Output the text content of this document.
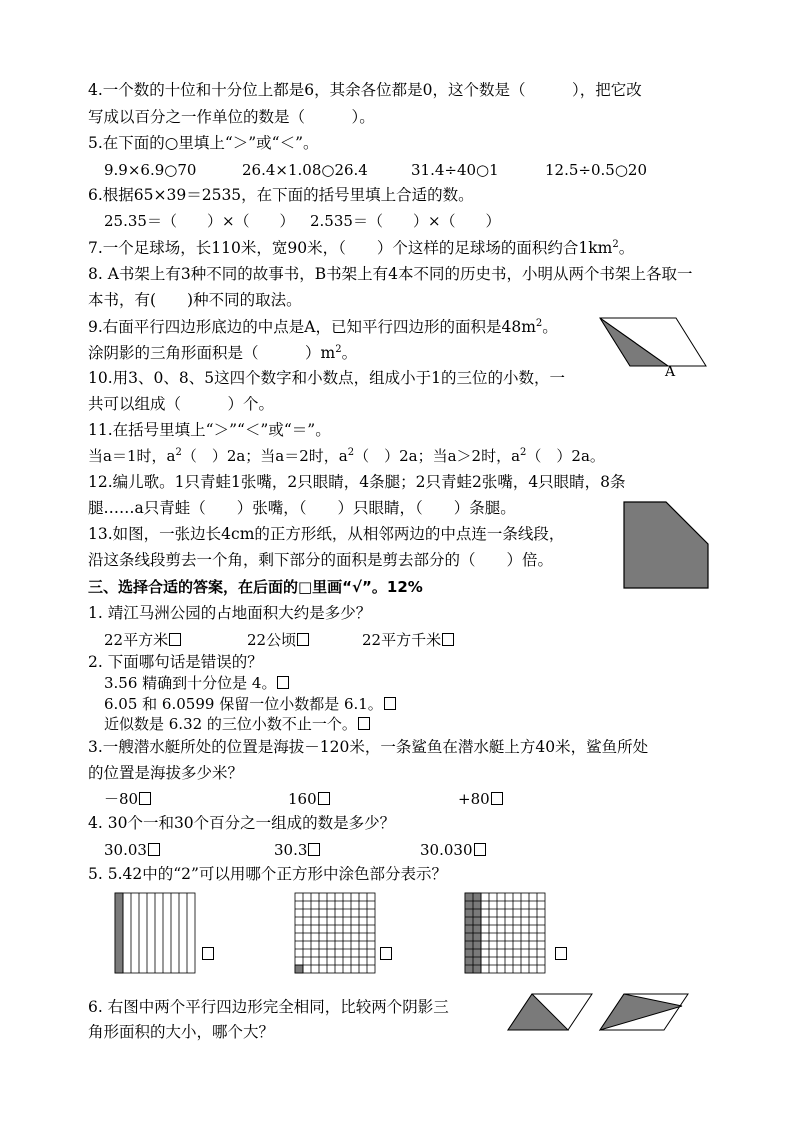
4.一个数的十位和十分位上都是6，其余各位都是0，这个数是（　　　），把它改
写成以百分之一作单位的数是（　　　）。
5.在下面的○里填上“＞”或“＜”。
9.9×6.9○70	26.4×1.08○26.4	31.4÷40○1	12.5÷0.5○20
6.根据65×39＝2535，在下面的括号里填上合适的数。
25.35＝（　　）×（　　） 2.535＝（　　）×（　　）
7.一个足球场，长110米，宽90米，（　　）个这样的足球场的面积约合$1km^2$。
8. A书架上有3种不同的故事书，B书架上有4本不同的历史书，小明从两个书架上各取一
本书，有(　　)种不同的取法。
9.右面平行四边形底边的中点是A，已知平行四边形的面积是$48m^2$。
涂阴影的三角形面积是（　　　）$m^2$。
A
10.用3、0、8、5这四个数字和小数点，组成小于1的三位的小数，一
共可以组成（　　　）个。
11.在括号里填上“＞”“＜”或“＝”。
当a＝1时，$a^2$（　）2a；当a＝2时，$a^2$（　）2a；当a＞2时，$a^2$（　）2a。
12.编儿歌。1只青蛙1张嘴，2只眼睛，4条腿；2只青蛙2张嘴，4只眼睛，8条
腿……a只青蛙（　　）张嘴，（　　）只眼睛，（　　）条腿。
13.如图，一张边长4cm的正方形纸，从相邻两边的中点连一条线段，
沿这条线段剪去一个角，剩下部分的面积是剪去部分的（　　）倍。
三、选择合适的答案，在后面的□里画“√”。12%
1. 靖江马洲公园的占地面积大约是多少？
22平方米	22公顷	22平方千米
2. 下面哪句话是错误的？
3.56 精确到十分位是 4。
6.05 和 6.0599 保留一位小数都是 6.1。
近似数是 6.32 的三位小数不止一个。
3.一艘潜水艇所处的位置是海拔－120米，一条鲨鱼在潜水艇上方40米，鲨鱼所处
的位置是海拔多少米？
－80	160	+80
4. 30个一和30个百分之一组成的数是多少？
30.03	30.3	30.030
5. 5.42中的“2”可以用哪个正方形中涂色部分表示？
6. 右图中两个平行四边形完全相同，比较两个阴影三
角形面积的大小，哪个大？
